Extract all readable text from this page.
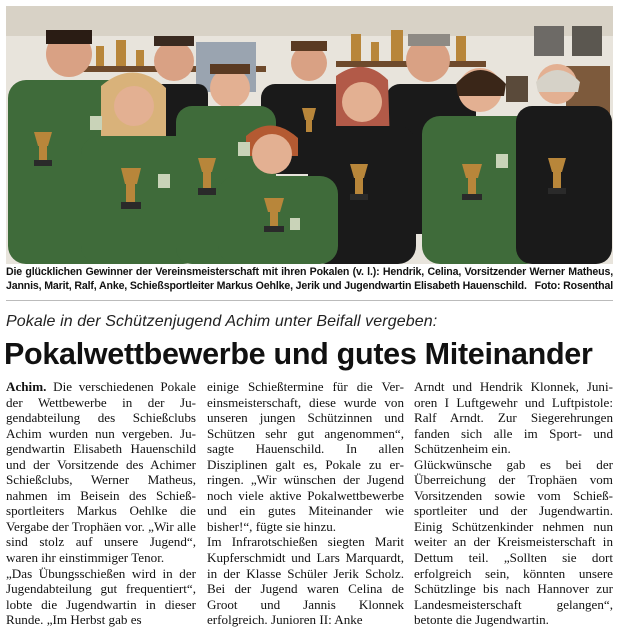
Die glücklichen Gewinner der Vereinsmeisterschaft mit ihren Pokalen (v. l.): Hendrik, Celina, Vorsitzender Werner Matheus, Jannis, Marit, Ralf, Anke, Schießsportleiter Markus Oehlke, Jerik und Jugendwartin Elisabeth Hauenschild. Foto: Rosenthal
Pokale in der Schützenjugend Achim unter Beifall vergeben:
Pokalwettbewerbe und gutes Miteinander

Achim. Die verschiedenen Pokale der Wettbewerbe in der Jugendabteilung des Schießclubs Achim wurden nun vergeben. Jugendwartin Elisabeth Hauenschild und der Vorsitzende des Achimer Schießclubs, Werner Matheus, nahmen im Beisein des Schießsportleiters Markus Oehlke die Vergabe der Trophäen vor. „Wir alle sind stolz auf unsere Jugend“, waren ihr einstimmiger Tenor.

„Das Übungsschießen wird in der Jugendabteilung gut frequentiert“, lobte die Jugendwartin in dieser Runde. „Im Herbst gab es

einige Schießtermine für die Vereinsmeisterschaft, diese wurde von unseren jungen Schützinnen und Schützen sehr gut angenommen“, sagte Hauenschild. In allen Disziplinen galt es, Pokale zu erringen. „Wir wünschen der Jugend noch viele aktive Pokalwettbewerbe und ein gutes Miteinander wie bisher!“, fügte sie hinzu.

Im Infrarotschießen siegten Marit Kupferschmidt und Lars Marquardt, in der Klasse Schüler Jerik Scholz. Bei der Jugend waren Celina de Groot und Jannis Klonnek erfolgreich. Junioren II: Anke

Arndt und Hendrik Klonnek, Junioren I Luftgewehr und Luftpistole: Ralf Arndt. Zur Siegerehrungen fanden sich alle im Sport- und Schützenheim ein.

Glückwünsche gab es bei der Überreichung der Trophäen vom Vorsitzenden sowie vom Schießsportleiter und der Jugendwartin. Einig Schützenkinder nehmen nun weiter an der Kreismeisterschaft in Dettum teil. „Sollten sie dort erfolgreich sein, könnten unsere Schützlinge bis nach Hannover zur Landesmeisterschaft gelangen“, betonte die Jugendwartin.
